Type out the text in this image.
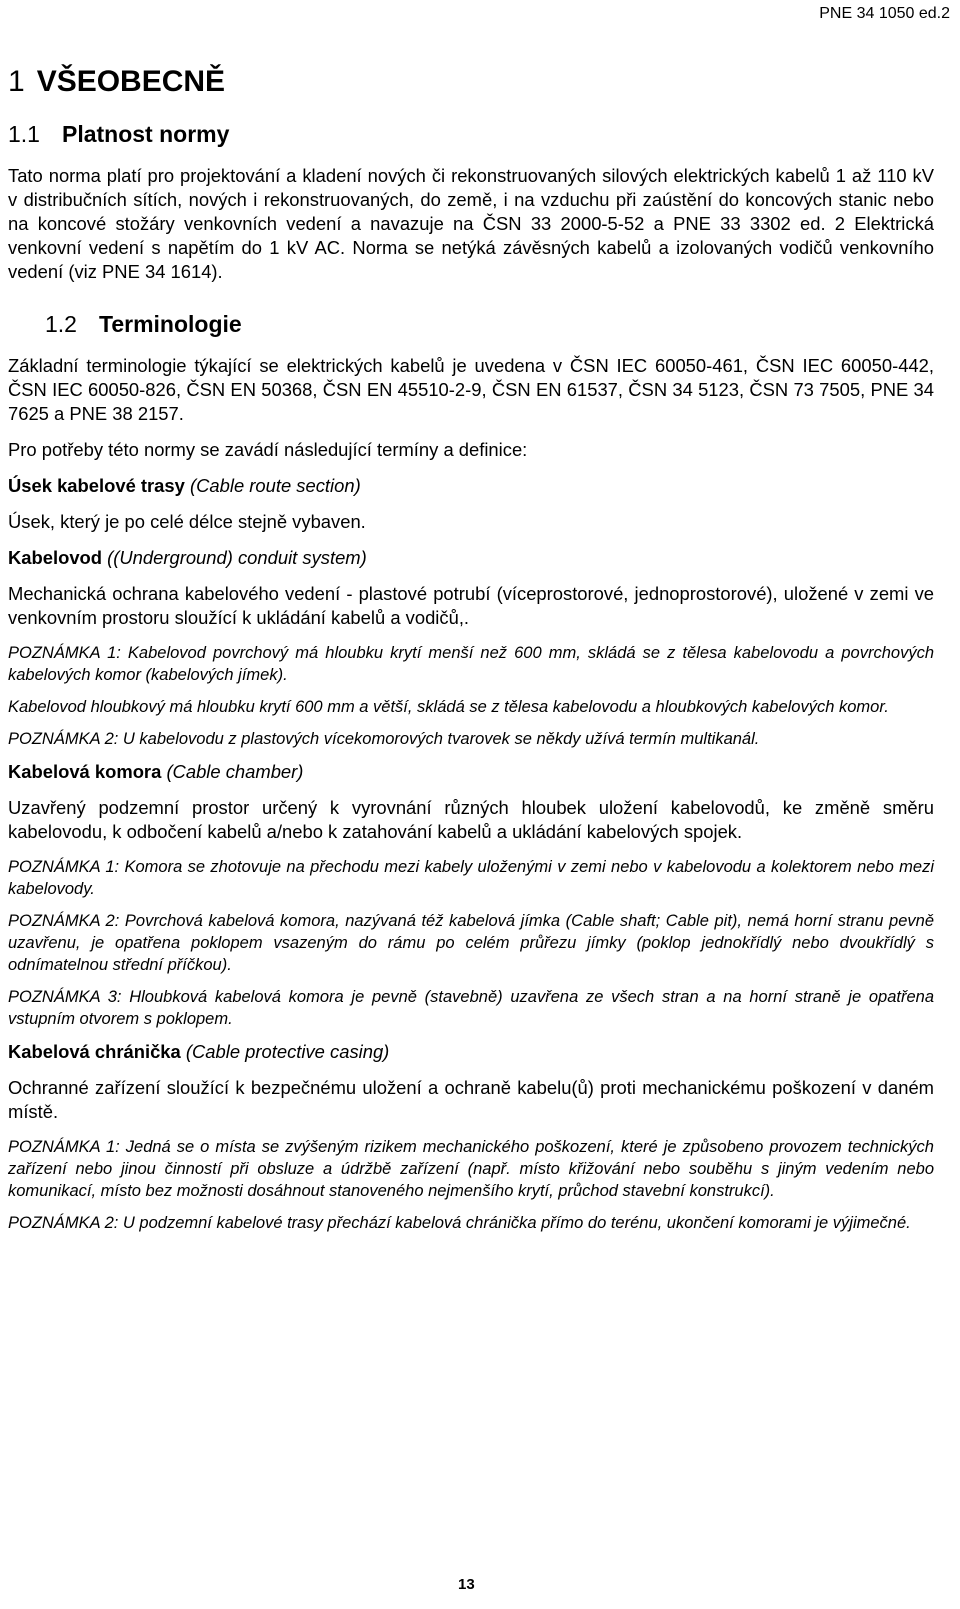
PNE 34 1050 ed.2

1 VŠEOBECNĚ
1.1 Platnost normy

Tato norma platí pro projektování a kladení nových či rekonstruovaných silových elektrických kabelů 1 až 110 kV v distribučních sítích, nových i rekonstruovaných, do země, i na vzduchu při zaústění do koncových stanic nebo na koncové stožáry venkovních vedení a navazuje na ČSN 33 2000-5-52 a PNE 33 3302 ed. 2 Elektrická venkovní vedení s napětím do 1 kV AC. Norma se netýká závěsných kabelů a izolovaných vodičů venkovního vedení (viz PNE 34 1614).

1.2 Terminologie

Základní terminologie týkající se elektrických kabelů je uvedena v ČSN IEC 60050-461, ČSN IEC 60050-442, ČSN IEC 60050-826, ČSN EN 50368, ČSN EN 45510-2-9, ČSN EN 61537, ČSN 34 5123, ČSN 73 7505, PNE 34 7625 a PNE 38 2157.

Pro potřeby této normy se zavádí následující termíny a definice:

Úsek kabelové trasy (Cable route section)

Úsek, který je po celé délce stejně vybaven.

Kabelovod ((Underground) conduit system)

Mechanická ochrana kabelového vedení - plastové potrubí (víceprostorové, jednoprostorové), uložené v zemi ve venkovním prostoru sloužící k ukládání kabelů a vodičů,.

POZNÁMKA 1: Kabelovod povrchový má hloubku krytí menší než 600 mm, skládá se z tělesa kabelovodu a povrchových kabelových komor (kabelových jímek).

Kabelovod hloubkový má hloubku krytí 600 mm a větší, skládá se z tělesa kabelovodu a hloubkových kabelových komor.

POZNÁMKA 2: U kabelovodu z plastových vícekomorových tvarovek se někdy užívá termín multikanál.

Kabelová komora (Cable chamber)

Uzavřený podzemní prostor určený k vyrovnání různých hloubek uložení kabelovodů, ke změně směru kabelovodu, k odbočení kabelů a/nebo k zatahování kabelů a ukládání kabelových spojek.

POZNÁMKA 1: Komora se zhotovuje na přechodu mezi kabely uloženými v zemi nebo v kabelovodu a kolektorem nebo mezi kabelovody.

POZNÁMKA 2: Povrchová kabelová komora, nazývaná též kabelová jímka (Cable shaft; Cable pit), nemá horní stranu pevně uzavřenu, je opatřena poklopem vsazeným do rámu po celém průřezu jímky (poklop jednokřídlý nebo dvoukřídlý s odnímatelnou střední příčkou).

POZNÁMKA 3: Hloubková kabelová komora je pevně (stavebně) uzavřena ze všech stran a na horní straně je opatřena vstupním otvorem s poklopem.

Kabelová chránička (Cable protective casing)

Ochranné zařízení sloužící k bezpečnému uložení a ochraně kabelu(ů) proti mechanickému poškození v daném místě.

POZNÁMKA 1: Jedná se o místa se zvýšeným rizikem mechanického poškození, které je způsobeno provozem technických zařízení nebo jinou činností při obsluze a údržbě zařízení (např. místo křižování nebo souběhu s jiným vedením nebo komunikací, místo bez možnosti dosáhnout stanoveného nejmenšího krytí, průchod stavební konstrukcí).

POZNÁMKA 2: U podzemní kabelové trasy přechází kabelová chránička přímo do terénu, ukončení komorami je výjimečné.

13
